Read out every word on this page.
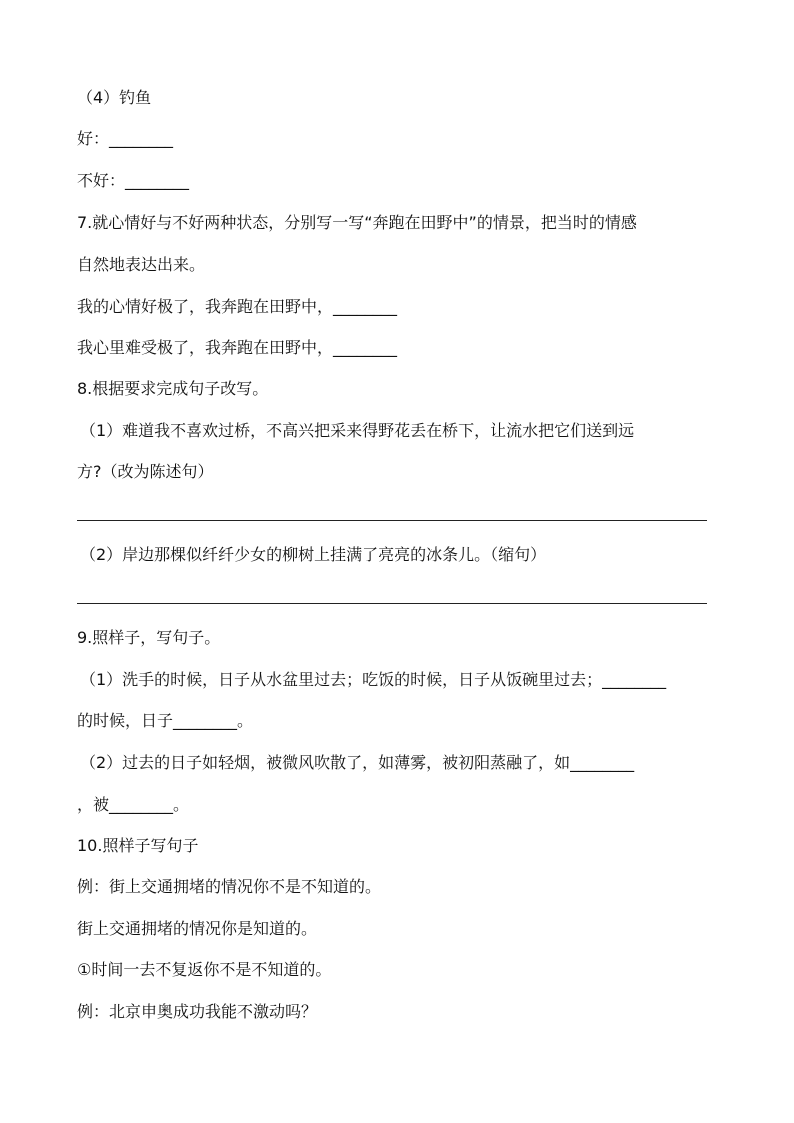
（4）钓鱼
好：________
不好：________
7.就心情好与不好两种状态，分别写一写“奔跑在田野中”的情景，把当时的情感
自然地表达出来。
我的心情好极了，我奔跑在田野中，________
我心里难受极了，我奔跑在田野中，________
8.根据要求完成句子改写。
（1）难道我不喜欢过桥，不高兴把采来得野花丢在桥下，让流水把它们送到远
方?（改为陈述句）
（2）岸边那棵似纤纤少女的柳树上挂满了亮亮的冰条儿。（缩句）
9.照样子，写句子。
（1）洗手的时候，日子从水盆里过去；吃饭的时候，日子从饭碗里过去；________
的时候，日子________。
（2）过去的日子如轻烟，被微风吹散了，如薄雾，被初阳蒸融了，如________
，被________。
10.照样子写句子
例：街上交通拥堵的情况你不是不知道的。
街上交通拥堵的情况你是知道的。
①时间一去不复返你不是不知道的。
例：北京申奥成功我能不激动吗？
